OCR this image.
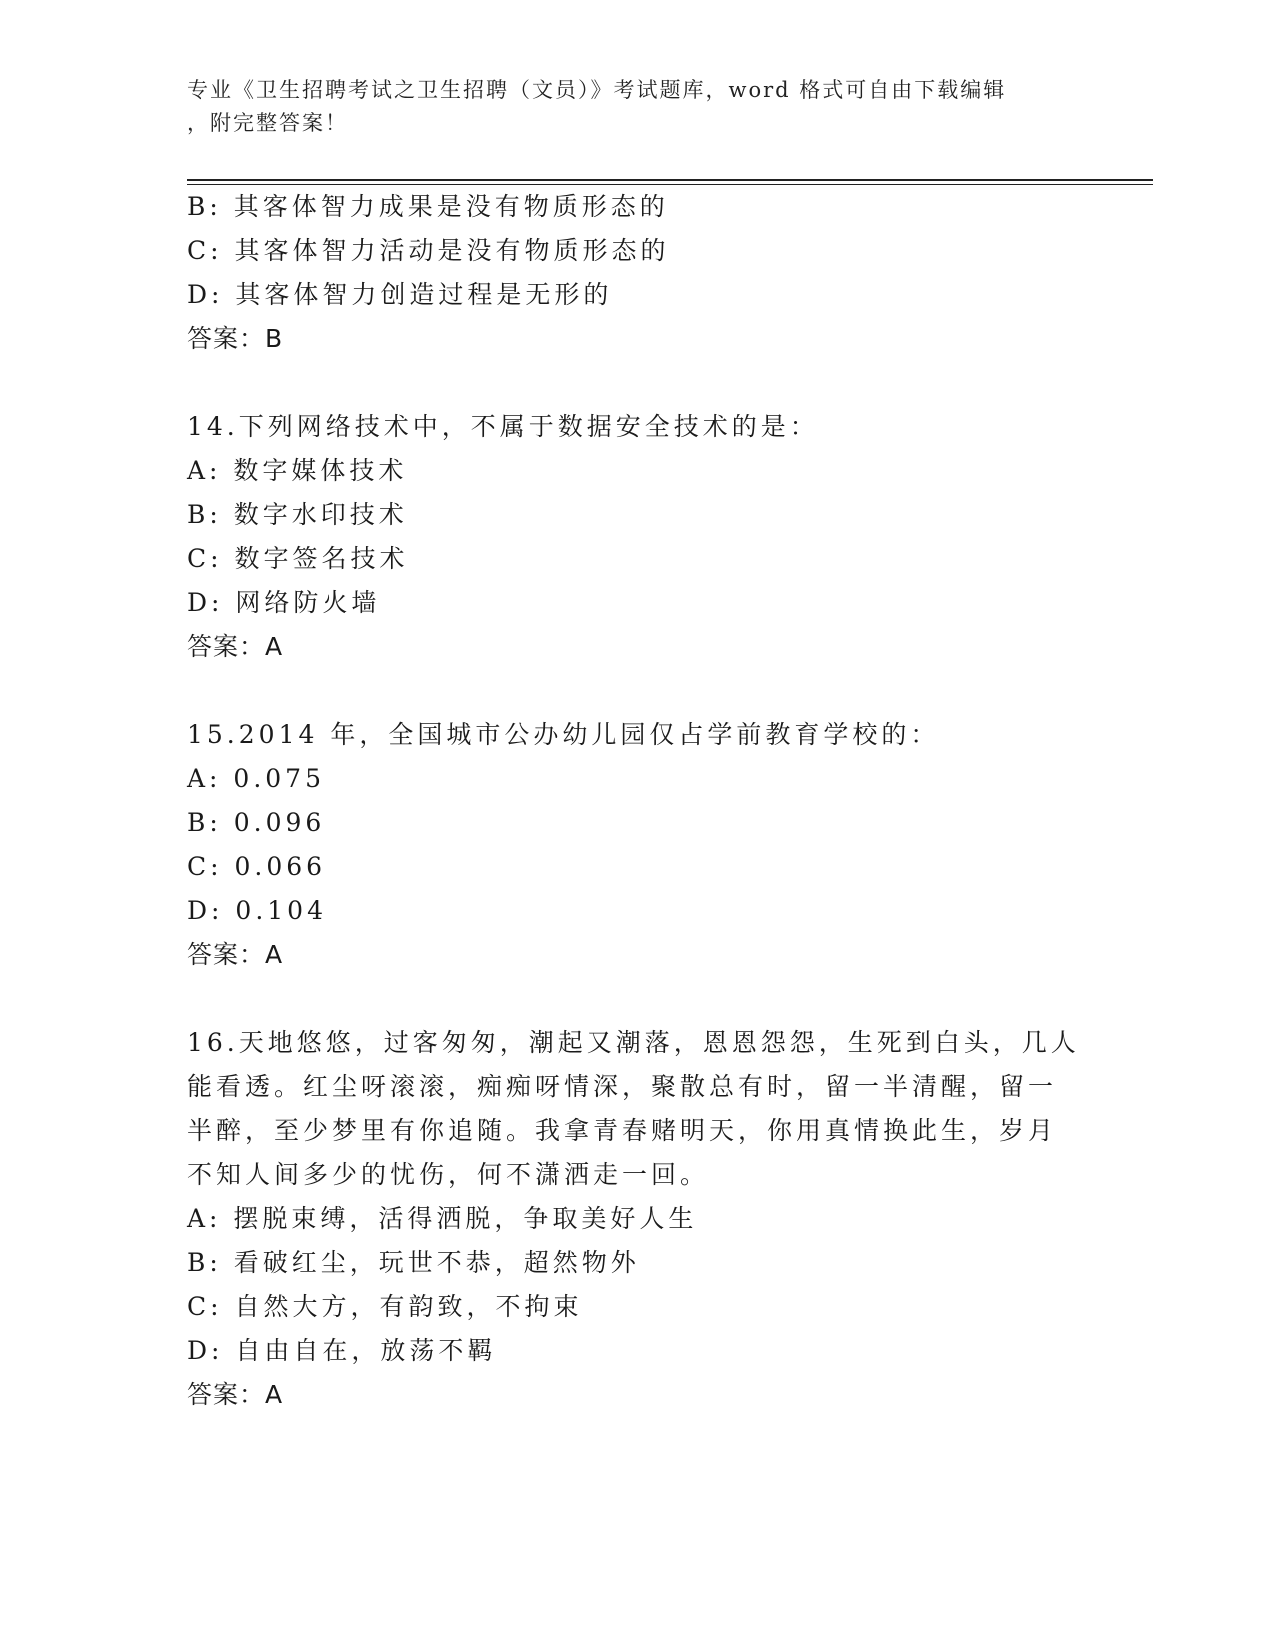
专业《卫生招聘考试之卫生招聘（文员）》考试题库，word 格式可自由下载编辑
，附完整答案！
B: 其客体智力成果是没有物质形态的
C: 其客体智力活动是没有物质形态的
D: 其客体智力创造过程是无形的
答案：B
14.下列网络技术中，不属于数据安全技术的是：
A: 数字媒体技术
B: 数字水印技术
C: 数字签名技术
D: 网络防火墙
答案：A
15.2014 年，全国城市公办幼儿园仅占学前教育学校的：
A: 0.075
B: 0.096
C: 0.066
D: 0.104
答案：A
16.天地悠悠，过客匆匆，潮起又潮落，恩恩怨怨，生死到白头，几人
能看透。红尘呀滚滚，痴痴呀情深，聚散总有时，留一半清醒，留一
半醉，至少梦里有你追随。我拿青春赌明天，你用真情换此生，岁月
不知人间多少的忧伤，何不潇洒走一回。
A: 摆脱束缚，活得洒脱，争取美好人生
B: 看破红尘，玩世不恭，超然物外
C: 自然大方，有韵致，不拘束
D: 自由自在，放荡不羁
答案：A
